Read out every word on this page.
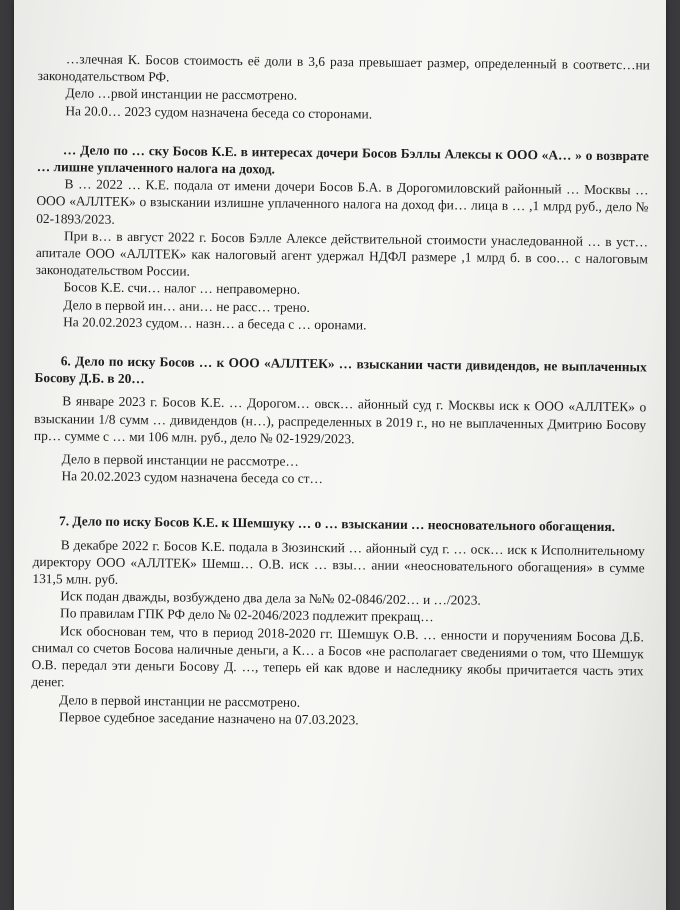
…злечная К. Босов стоимость её доли в 3,6 раза превышает размер, определенный в соответс…ни законодательством РФ.

Дело …рвой инстанции не рассмотрено.

На 20.0… 2023 судом назначена беседа со сторонами.

… Дело по … ску Босов К.Е. в интересах дочери Босов Бэллы Алексы к ООО «А… » о возврате … лишне уплаченного налога на доход.

В … 2022 … К.Е. подала от имени дочери Босов Б.А. в Дорогомиловский районный … Москвы … ООО «АЛЛТЕК» о взыскании излишне уплаченного налога на доход фи… лица в … ,1 млрд руб., дело № 02-1893/2023.

При в… в август 2022 г. Босов Бэлле Алексе действительной стоимости унаследованной … в уст… апитале ООО «АЛЛТЕК» как налоговый агент удержал НДФЛ размере ,1 млрд б. в соо… с налоговым законодательством России.

Босов К.Е. счи… налог … неправомерно.

Дело в первой ин… ани… не расс… трено.

На 20.02.2023 судом… назн… а беседа с … оронами.

6. Дело по иску Босов … к ООО «АЛЛТЕК» … взыскании части дивидендов, не выплаченных Босову Д.Б. в 20…

В январе 2023 г. Босов К.Е. … Дорогом… овск… айонный суд г. Москвы иск к ООО «АЛЛТЕК» о взыскании 1/8 сумм … дивидендов (н…), распределенных в 2019 г., но не выплаченных Дмитрию Босову пр… сумме с … ми 106 млн. руб., дело № 02-1929/2023.

Дело в первой инстанции не рассмотре…

На 20.02.2023 судом назначена беседа со ст…

7. Дело по иску Босов К.Е. к Шемшуку … о … взыскании … неосновательного обогащения.

В декабре 2022 г. Босов К.Е. подала в Зюзинский … айонный суд г. … оск… иск к Исполнительному директору ООО «АЛЛТЕК» Шемш… О.В. иск … взы… ании «неосновательного обогащения» в сумме 131,5 млн. руб.

Иск подан дважды, возбуждено два дела за №№ 02-0846/202… и …/2023.

По правилам ГПК РФ дело № 02-2046/2023 подлежит прекращ…

Иск обоснован тем, что в период 2018-2020 гг. Шемшук О.В. … енности и поручениям Босова Д.Б. снимал со счетов Босова наличные деньги, а К… а Босов «не располагает сведениями о том, что Шемшук О.В. передал эти деньги Босову Д. …, теперь ей как вдове и наследнику якобы причитается часть этих денег.

Дело в первой инстанции не рассмотрено.

Первое судебное заседание назначено на 07.03.2023.
